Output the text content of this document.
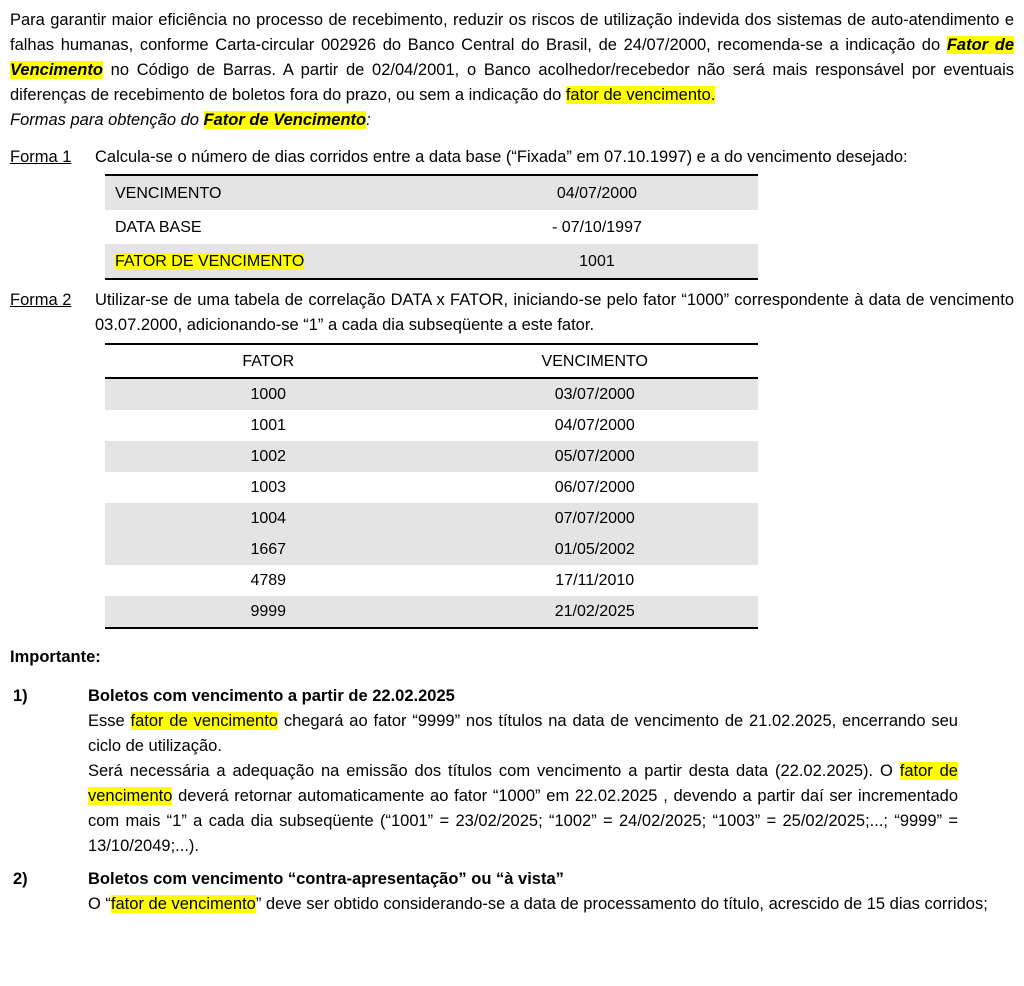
Para garantir maior eficiência no processo de recebimento, reduzir os riscos de utilização indevida dos sistemas de auto-atendimento e falhas humanas, conforme Carta-circular 002926 do Banco Central do Brasil, de 24/07/2000, recomenda-se a indicação do Fator de Vencimento no Código de Barras. A partir de 02/04/2001, o Banco acolhedor/recebedor não será mais responsável por eventuais diferenças de recebimento de boletos fora do prazo, ou sem a indicação do fator de vencimento.

Formas para obtenção do Fator de Vencimento:

Forma 1	Calcula-se o número de dias corridos entre a data base (“Fixada” em 07.10.1997) e a do vencimento desejado:
VENCIMENTO	04/07/2000
DATA BASE	- 07/10/1997
FATOR DE VENCIMENTO	1001
Forma 2	Utilizar-se de uma tabela de correlação DATA x FATOR, iniciando-se pelo fator “1000” correspondente à data de vencimento 03.07.2000, adicionando-se “1” a cada dia subseqüente a este fator.
FATOR	VENCIMENTO
1000	03/07/2000
1001	04/07/2000
1002	05/07/2000
1003	06/07/2000
1004	07/07/2000
1667	01/05/2002
4789	17/11/2010
9999	21/02/2025
Importante:
1)	Boletos com vencimento a partir de 22.02.2025

Esse fator de vencimento chegará ao fator “9999” nos títulos na data de vencimento de 21.02.2025, encerrando seu ciclo de utilização.

Será necessária a adequação na emissão dos títulos com vencimento a partir desta data (22.02.2025). O fator de vencimento deverá retornar automaticamente ao fator “1000” em 22.02.2025 , devendo a partir daí ser incrementado com mais “1” a cada dia subseqüente (“1001” = 23/02/2025; “1002” = 24/02/2025; “1003” = 25/02/2025;...; “9999” = 13/10/2049;...).

2)	Boletos com vencimento “contra-apresentação” ou “à vista”

O “fator de vencimento” deve ser obtido considerando-se a data de processamento do título, acrescido de 15 dias corridos;
